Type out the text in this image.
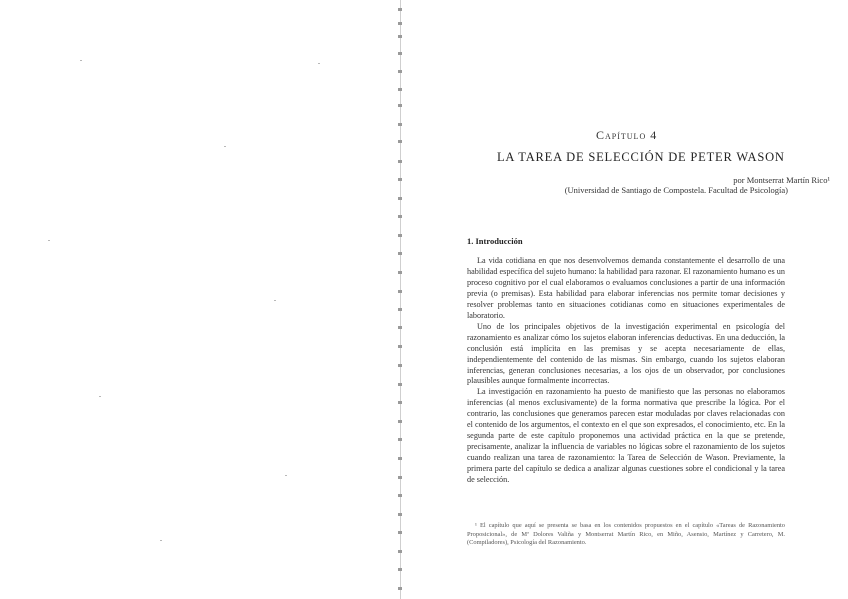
Capítulo 4
LA TAREA DE SELECCIÓN DE PETER WASON
por Montserrat Martín Rico¹
(Universidad de Santiago de Compostela. Facultad de Psicología)
1. Introducción

La vida cotidiana en que nos desenvolvemos demanda constantemente el desarrollo de una habilidad específica del sujeto humano: la habilidad para razonar. El razonamiento humano es un proceso cognitivo por el cual elaboramos o evaluamos conclusiones a partir de una información previa (o premisas). Esta habilidad para elaborar inferencias nos permite tomar decisiones y resolver problemas tanto en situaciones cotidianas como en situaciones experimentales de laboratorio.

Uno de los principales objetivos de la investigación experimental en psicología del razonamiento es analizar cómo los sujetos elaboran inferencias deductivas. En una deducción, la conclusión está implícita en las premisas y se acepta necesariamente de ellas, independientemente del contenido de las mismas. Sin embargo, cuando los sujetos elaboran inferencias, generan conclusiones necesarias, a los ojos de un observador, por conclusiones plausibles aunque formalmente incorrectas.

La investigación en razonamiento ha puesto de manifiesto que las personas no elaboramos inferencias (al menos exclusivamente) de la forma normativa que prescribe la lógica. Por el contrario, las conclusiones que generamos parecen estar moduladas por claves relacionadas con el contenido de los argumentos, el contexto en el que son expresados, el conocimiento, etc. En la segunda parte de este capítulo proponemos una actividad práctica en la que se pretende, precisamente, analizar la influencia de variables no lógicas sobre el razonamiento de los sujetos cuando realizan una tarea de razonamiento: la Tarea de Selección de Wason. Previamente, la primera parte del capítulo se dedica a analizar algunas cuestiones sobre el condicional y la tarea de selección.

¹ El capítulo que aquí se presenta se basa en los contenidos propuestos en el capítulo «Tareas de Razonamiento Proposicional», de Mª Dolores Valiña y Montserrat Martín Rico, en Miño, Asensio, Martínez y Carretero, M. (Compiladores), Psicología del Razonamiento.
